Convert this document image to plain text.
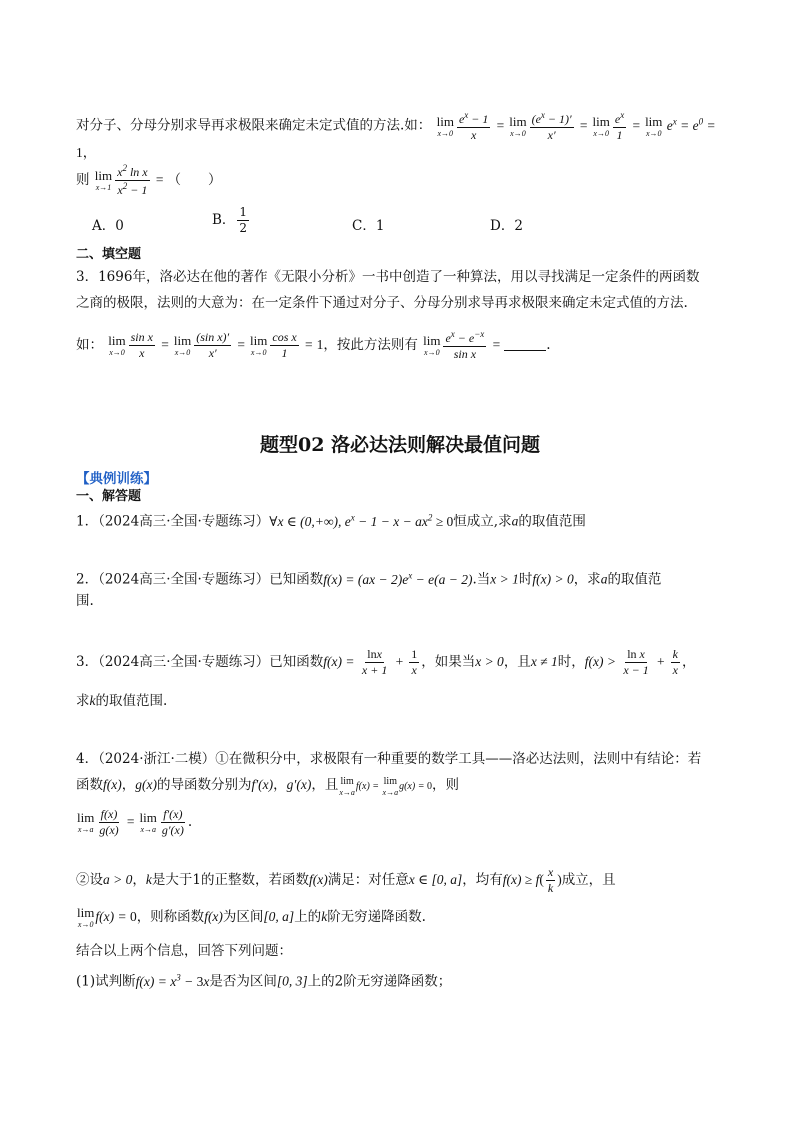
对分子、分母分别求导再求极限来确定未定式值的方法.如： lim
$x\to 0 \frac{e^x - 1}{x} = \lim$
$x\to 0 \frac{(e^x - 1)'}{x'} = \lim$
$x\to 0 \frac{e^x}{1} = \lim$
x→0
$e^x = e^0 = 1$，
则 lim
$x\to 1 \frac{x^2 \ln x}{x^2 - 1}$ = （　　）
A．0	B． $\frac{1}{2}$	C．1	D．2
二、填空题
3．1696年，洛必达在他的著作《无限小分析》一书中创造了一种算法，用以寻找满足一定条件的两函数
之商的极限，法则的大意为：在一定条件下通过对分子、分母分别求导再求极限来确定未定式值的方法.
如： lim
$x\to 0 \frac{\text{sin x}}{x} = \lim$
$x\to 0 \frac{\text{(sin x)′}}{x'} = \lim$
$x\to 0 \frac{\text{cos x}}{1} = 1$，按此方法则有 lim
$x\to 0 \frac{e^x - e^{-x}}{\text{sin x}}$ =	.
题型02 洛必达法则解决最值问题
【典例训练】
一、解答题
1．（2024高三·全国·专题练习）∀x ∈ (0,+∞), $e^x - 1 - x - ax^2 \ge 0$恒成立,求a的取值范围
2．（2024高三·全国·专题练习）已知函数$f(x) = (ax - 2)e^x - e(a - 2)$.当x > 1时f(x) > 0，求a的取值范
围.
3．（2024高三·全国·专题练习）已知函数$f(x) = \frac{\ln x}{x + 1} + \frac{1}{x}$ ，如果当x > 0，且x ≠ 1时，$f(x) > \frac{\text{ln x}}{x - 1} + \frac{k}{x}$ ，
求k的取值范围.
4．（2024·浙江·二模）①在微积分中，求极限有一种重要的数学工具——洛必达法则，法则中有结论：若
函数f(x)，g(x)的导函数分别为f′(x)，g′(x)，且 lim
x→a
f(x) = lim
x→a
g(x) = 0，则
lim
$x\to a \frac{f(x)}{g(x)} = \lim$
$x\to a \frac{f'(x)}{g'(x)}$ .
②设a > 0，k是大于1的正整数，若函数f(x)满足：对任意x ∈ [0, a]，均有$f(x) \ge f( \frac{x}{k}$ )成立，且
lim
x→0
f(x) = 0，则称函数f(x)为区间[0, a]上的k阶无穷递降函数.
结合以上两个信息，回答下列问题：
(1)试判断$f(x) = x^3 - 3x$是否为区间[0, 3]上的2阶无穷递降函数；
